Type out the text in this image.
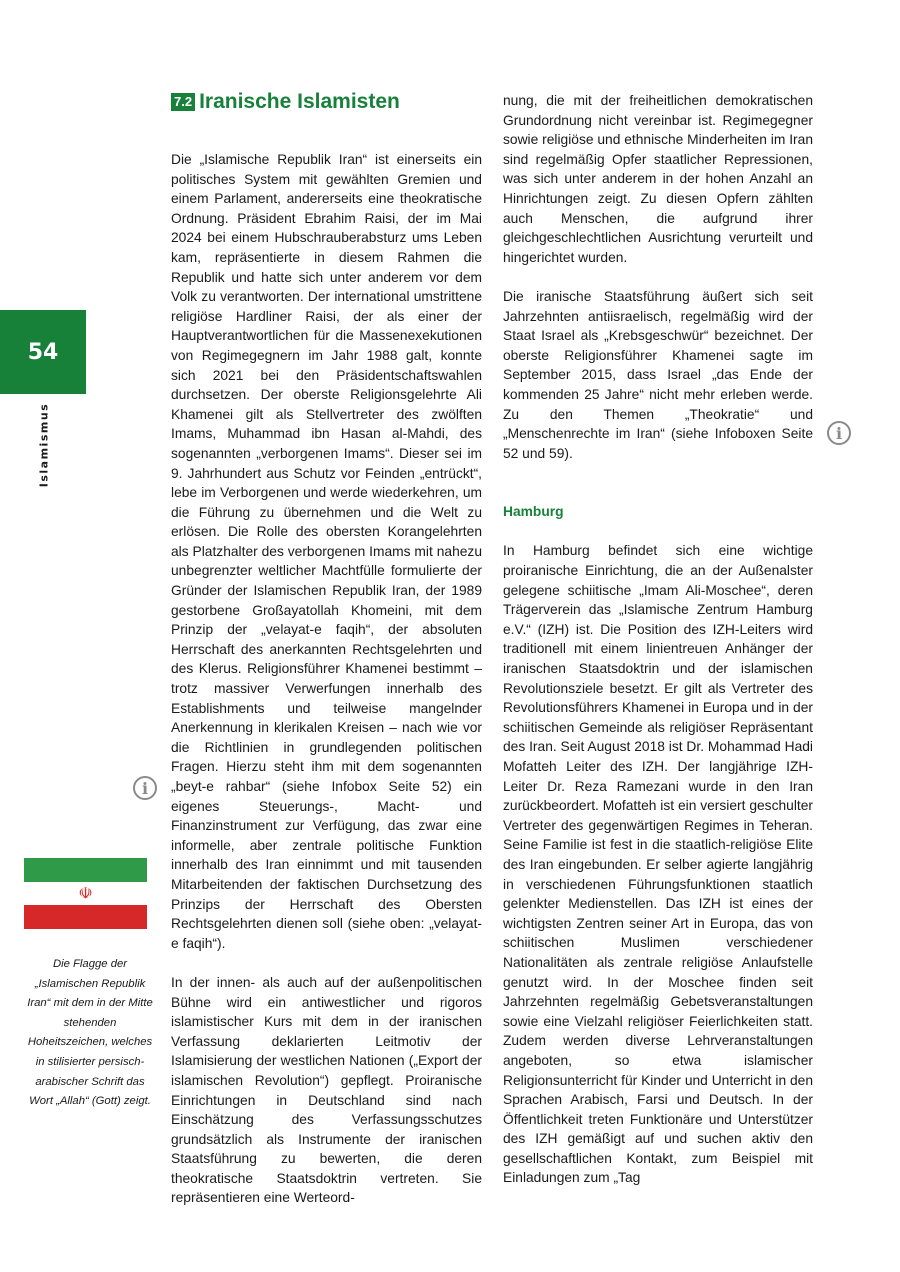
54
Islamismus
i
i
☫
Die Flagge der „Islamischen Republik Iran“ mit dem in der Mitte stehenden Hoheitszeichen, welches in stilisierter persisch-arabischer Schrift das Wort „Allah“ (Gott) zeigt.
7.2 Iranische Islamisten

Die „Islamische Republik Iran“ ist einerseits ein politisches System mit gewählten Gremien und einem Parlament, andererseits eine theokratische Ordnung. Präsident Ebrahim Raisi, der im Mai 2024 bei einem Hubschrauberabsturz ums Leben kam, repräsentierte in diesem Rahmen die Republik und hatte sich unter anderem vor dem Volk zu verantworten. Der international umstrittene religiöse Hardliner Raisi, der als einer der Hauptverantwortlichen für die Massenexekutionen von Regimegegnern im Jahr 1988 galt, konnte sich 2021 bei den Präsidentschaftswahlen durchsetzen. Der oberste Religionsgelehrte Ali Khamenei gilt als Stellvertreter des zwölften Imams, Muhammad ibn Hasan al-Mahdi, des sogenannten „verborgenen Imams“. Dieser sei im 9. Jahrhundert aus Schutz vor Feinden „entrückt“, lebe im Verborgenen und werde wiederkehren, um die Führung zu übernehmen und die Welt zu erlösen. Die Rolle des obersten Korangelehrten als Platzhalter des verborgenen Imams mit nahezu unbegrenzter weltlicher Machtfülle formulierte der Gründer der Islamischen Republik Iran, der 1989 gestorbene Großayatollah Khomeini, mit dem Prinzip der „velayat-e faqih“, der absoluten Herrschaft des anerkannten Rechtsgelehrten und des Klerus. Religionsführer Khamenei bestimmt – trotz massiver Verwerfungen innerhalb des Establishments und teilweise mangelnder Anerkennung in klerikalen Kreisen – nach wie vor die Richtlinien in grundlegenden politischen Fragen. Hierzu steht ihm mit dem sogenannten „beyt-e rahbar“ (siehe Infobox Seite 52) ein eigenes Steuerungs-, Macht- und Finanzinstrument zur Verfügung, das zwar eine informelle, aber zentrale politische Funktion innerhalb des Iran einnimmt und mit tausenden Mitarbeitenden der faktischen Durchsetzung des Prinzips der Herrschaft des Obersten Rechtsgelehrten dienen soll (siehe oben: „velayat-e faqih“).

In der innen- als auch auf der außenpolitischen Bühne wird ein antiwestlicher und rigoros islamistischer Kurs mit dem in der iranischen Verfassung deklarierten Leitmotiv der Islamisierung der westlichen Nationen („Export der islamischen Revolution“) gepflegt. Proiranische Einrichtungen in Deutschland sind nach Einschätzung des Verfassungsschutzes grundsätzlich als Instrumente der iranischen Staatsführung zu bewerten, die deren theokratische Staatsdoktrin vertreten. Sie repräsentieren eine Werteord-

nung, die mit der freiheitlichen demokratischen Grundordnung nicht vereinbar ist. Regimegegner sowie religiöse und ethnische Minderheiten im Iran sind regelmäßig Opfer staatlicher Repressionen, was sich unter anderem in der hohen Anzahl an Hinrichtungen zeigt. Zu diesen Opfern zählten auch Menschen, die aufgrund ihrer gleichgeschlechtlichen Ausrichtung verurteilt und hingerichtet wurden.

Die iranische Staatsführung äußert sich seit Jahrzehnten antiisraelisch, regelmäßig wird der Staat Israel als „Krebsgeschwür“ bezeichnet. Der oberste Religionsführer Khamenei sagte im September 2015, dass Israel „das Ende der kommenden 25 Jahre“ nicht mehr erleben werde. Zu den Themen „Theokratie“ und „Menschenrechte im Iran“ (siehe Infoboxen Seite 52 und 59).

Hamburg

In Hamburg befindet sich eine wichtige proiranische Einrichtung, die an der Außenalster gelegene schiitische „Imam Ali-Moschee“, deren Trägerverein das „Islamische Zentrum Hamburg e.V.“ (IZH) ist. Die Position des IZH-Leiters wird traditionell mit einem linientreuen Anhänger der iranischen Staatsdoktrin und der islamischen Revolutionsziele besetzt. Er gilt als Vertreter des Revolutionsführers Khamenei in Europa und in der schiitischen Gemeinde als religiöser Repräsentant des Iran. Seit August 2018 ist Dr. Mohammad Hadi Mofatteh Leiter des IZH. Der langjährige IZH-Leiter Dr. Reza Ramezani wurde in den Iran zurückbeordert. Mofatteh ist ein versiert geschulter Vertreter des gegenwärtigen Regimes in Teheran. Seine Familie ist fest in die staatlich-religiöse Elite des Iran eingebunden. Er selber agierte langjährig in verschiedenen Führungsfunktionen staatlich gelenkter Medienstellen. Das IZH ist eines der wichtigsten Zentren seiner Art in Europa, das von schiitischen Muslimen verschiedener Nationalitäten als zentrale religiöse Anlaufstelle genutzt wird. In der Moschee finden seit Jahrzehnten regelmäßig Gebetsveranstaltungen sowie eine Vielzahl religiöser Feierlichkeiten statt. Zudem werden diverse Lehrveranstaltungen angeboten, so etwa islamischer Religionsunterricht für Kinder und Unterricht in den Sprachen Arabisch, Farsi und Deutsch. In der Öffentlichkeit treten Funktionäre und Unterstützer des IZH gemäßigt auf und suchen aktiv den gesellschaftlichen Kontakt, zum Beispiel mit Einladungen zum „Tag
